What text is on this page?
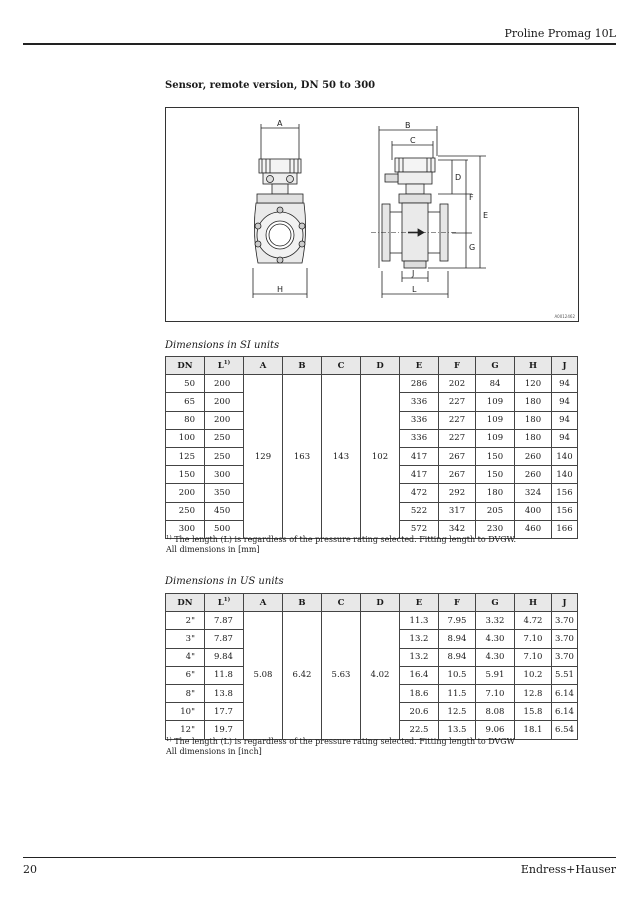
Proline Promag 10L
Sensor, remote version, DN 50 to 300
A
H
B
C
D
F
E
G
J
L
A0012462
Dimensions in SI units
DN	$L^{1)}$	A	B	C	D	E	F	G	H	J
50	200	129	163	143	102	286	202	84	120	94
65	200					336	227	109	180	94
80	200					336	227	109	180	94
100	250					336	227	109	180	94
125	250					417	267	150	260	140
150	300					417	267	150	260	140
200	350					472	292	180	324	156
250	450					522	317	205	400	156
300	500					572	342	230	460	166
$^{1)}$ The length (L) is regardless of the pressure rating selected. Fitting length to DVGW.
All dimensions in [mm]
Dimensions in US units
DN	$L^{1)}$	A	B	C	D	E	F	G	H	J
2"	7.87	5.08	6.42	5.63	4.02	11.3	7.95	3.32	4.72	3.70
3"	7.87					13.2	8.94	4.30	7.10	3.70
4"	9.84					13.2	8.94	4.30	7.10	3.70
6"	11.8					16.4	10.5	5.91	10.2	5.51
8"	13.8					18.6	11.5	7.10	12.8	6.14
10"	17.7					20.6	12.5	8.08	15.8	6.14
12"	19.7					22.5	13.5	9.06	18.1	6.54
$^{1)}$ The length (L) is regardless of the pressure rating selected. Fitting length to DVGW
All dimensions in [inch]
20	Endress+Hauser
